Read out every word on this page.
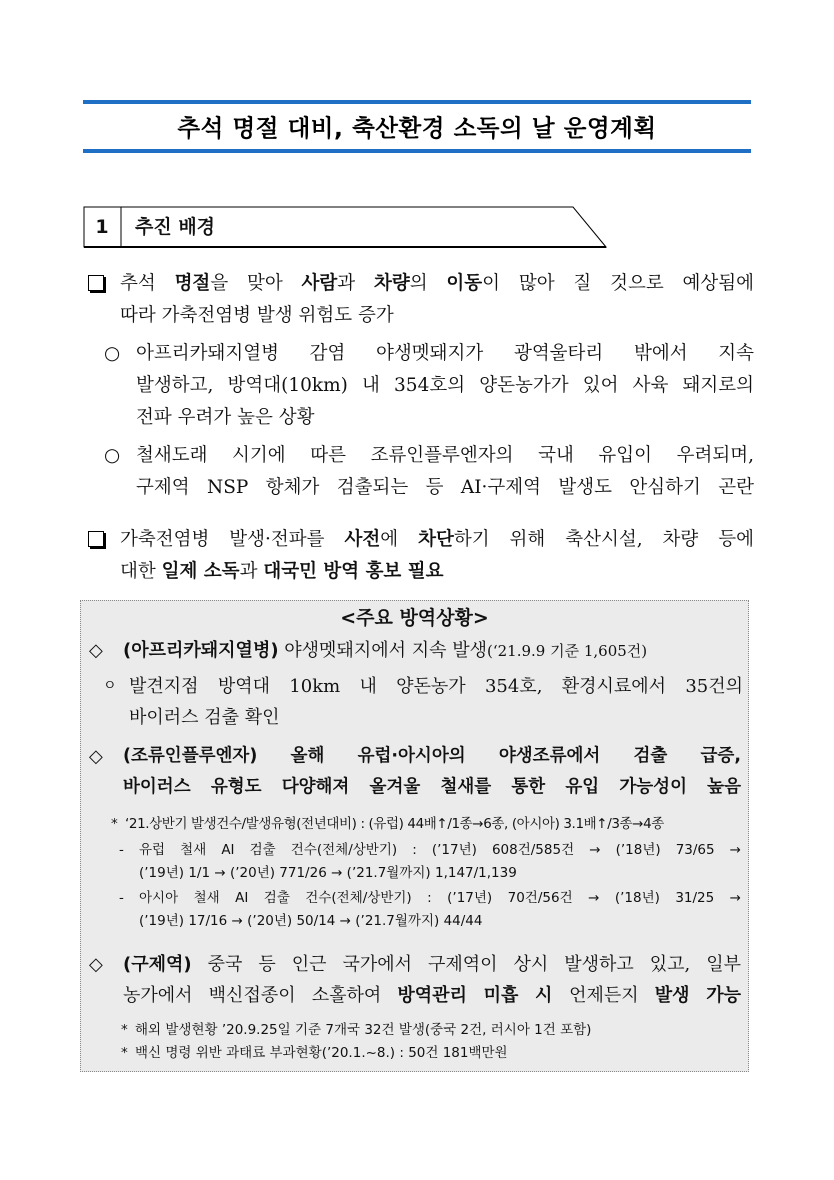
추석 명절 대비, 축산환경 소독의 날 운영계획
1	추진 배경
추석 명절을 맞아 사람과 차량의 이동이 많아 질 것으로 예상됨에
따라 가축전염병 발생 위험도 증가
○ 아프리카돼지열병 감염 야생멧돼지가 광역울타리 밖에서 지속
발생하고, 방역대(10km) 내 354호의 양돈농가가 있어 사육 돼지로의
전파 우려가 높은 상황
○ 철새도래 시기에 따른 조류인플루엔자의 국내 유입이 우려되며,
구제역 NSP 항체가 검출되는 등 AI·구제역 발생도 안심하기 곤란
가축전염병 발생·전파를 사전에 차단하기 위해 축산시설, 차량 등에
대한 일제 소독과 대국민 방역 홍보 필요
<주요 방역상황>
◇ (아프리카돼지열병) 야생멧돼지에서 지속 발생(‘21.9.9 기준 1,605건)
ㅇ 발견지점 방역대 10km 내 양돈농가 354호, 환경시료에서 35건의
바이러스 검출 확인
◇ (조류인플루엔자) 올해 유럽·아시아의 야생조류에서 검출 급증,
바이러스 유형도 다양해져 올겨울 철새를 통한 유입 가능성이 높음
* ‘21.상반기 발생건수/발생유형(전년대비) : (유럽) 44배↑/1종→6종, (아시아) 3.1배↑/3종→4종
- 유럽 철새 AI 검출 건수(전체/상반기) : (’17년) 608건/585건 → (’18년) 73/65 →
(’19년) 1/1 → (’20년) 771/26 → (’21.7월까지) 1,147/1,139
- 아시아 철새 AI 검출 건수(전체/상반기) : (’17년) 70건/56건 → (’18년) 31/25 →
(’19년) 17/16 → (’20년) 50/14 → (’21.7월까지) 44/44
◇ (구제역) 중국 등 인근 국가에서 구제역이 상시 발생하고 있고, 일부
농가에서 백신접종이 소홀하여 방역관리 미흡 시 언제든지 발생 가능
* 해외 발생현황 ’20.9.25일 기준 7개국 32건 발생(중국 2건, 러시아 1건 포함)
* 백신 명령 위반 과태료 부과현황(’20.1.~8.) : 50건 181백만원
